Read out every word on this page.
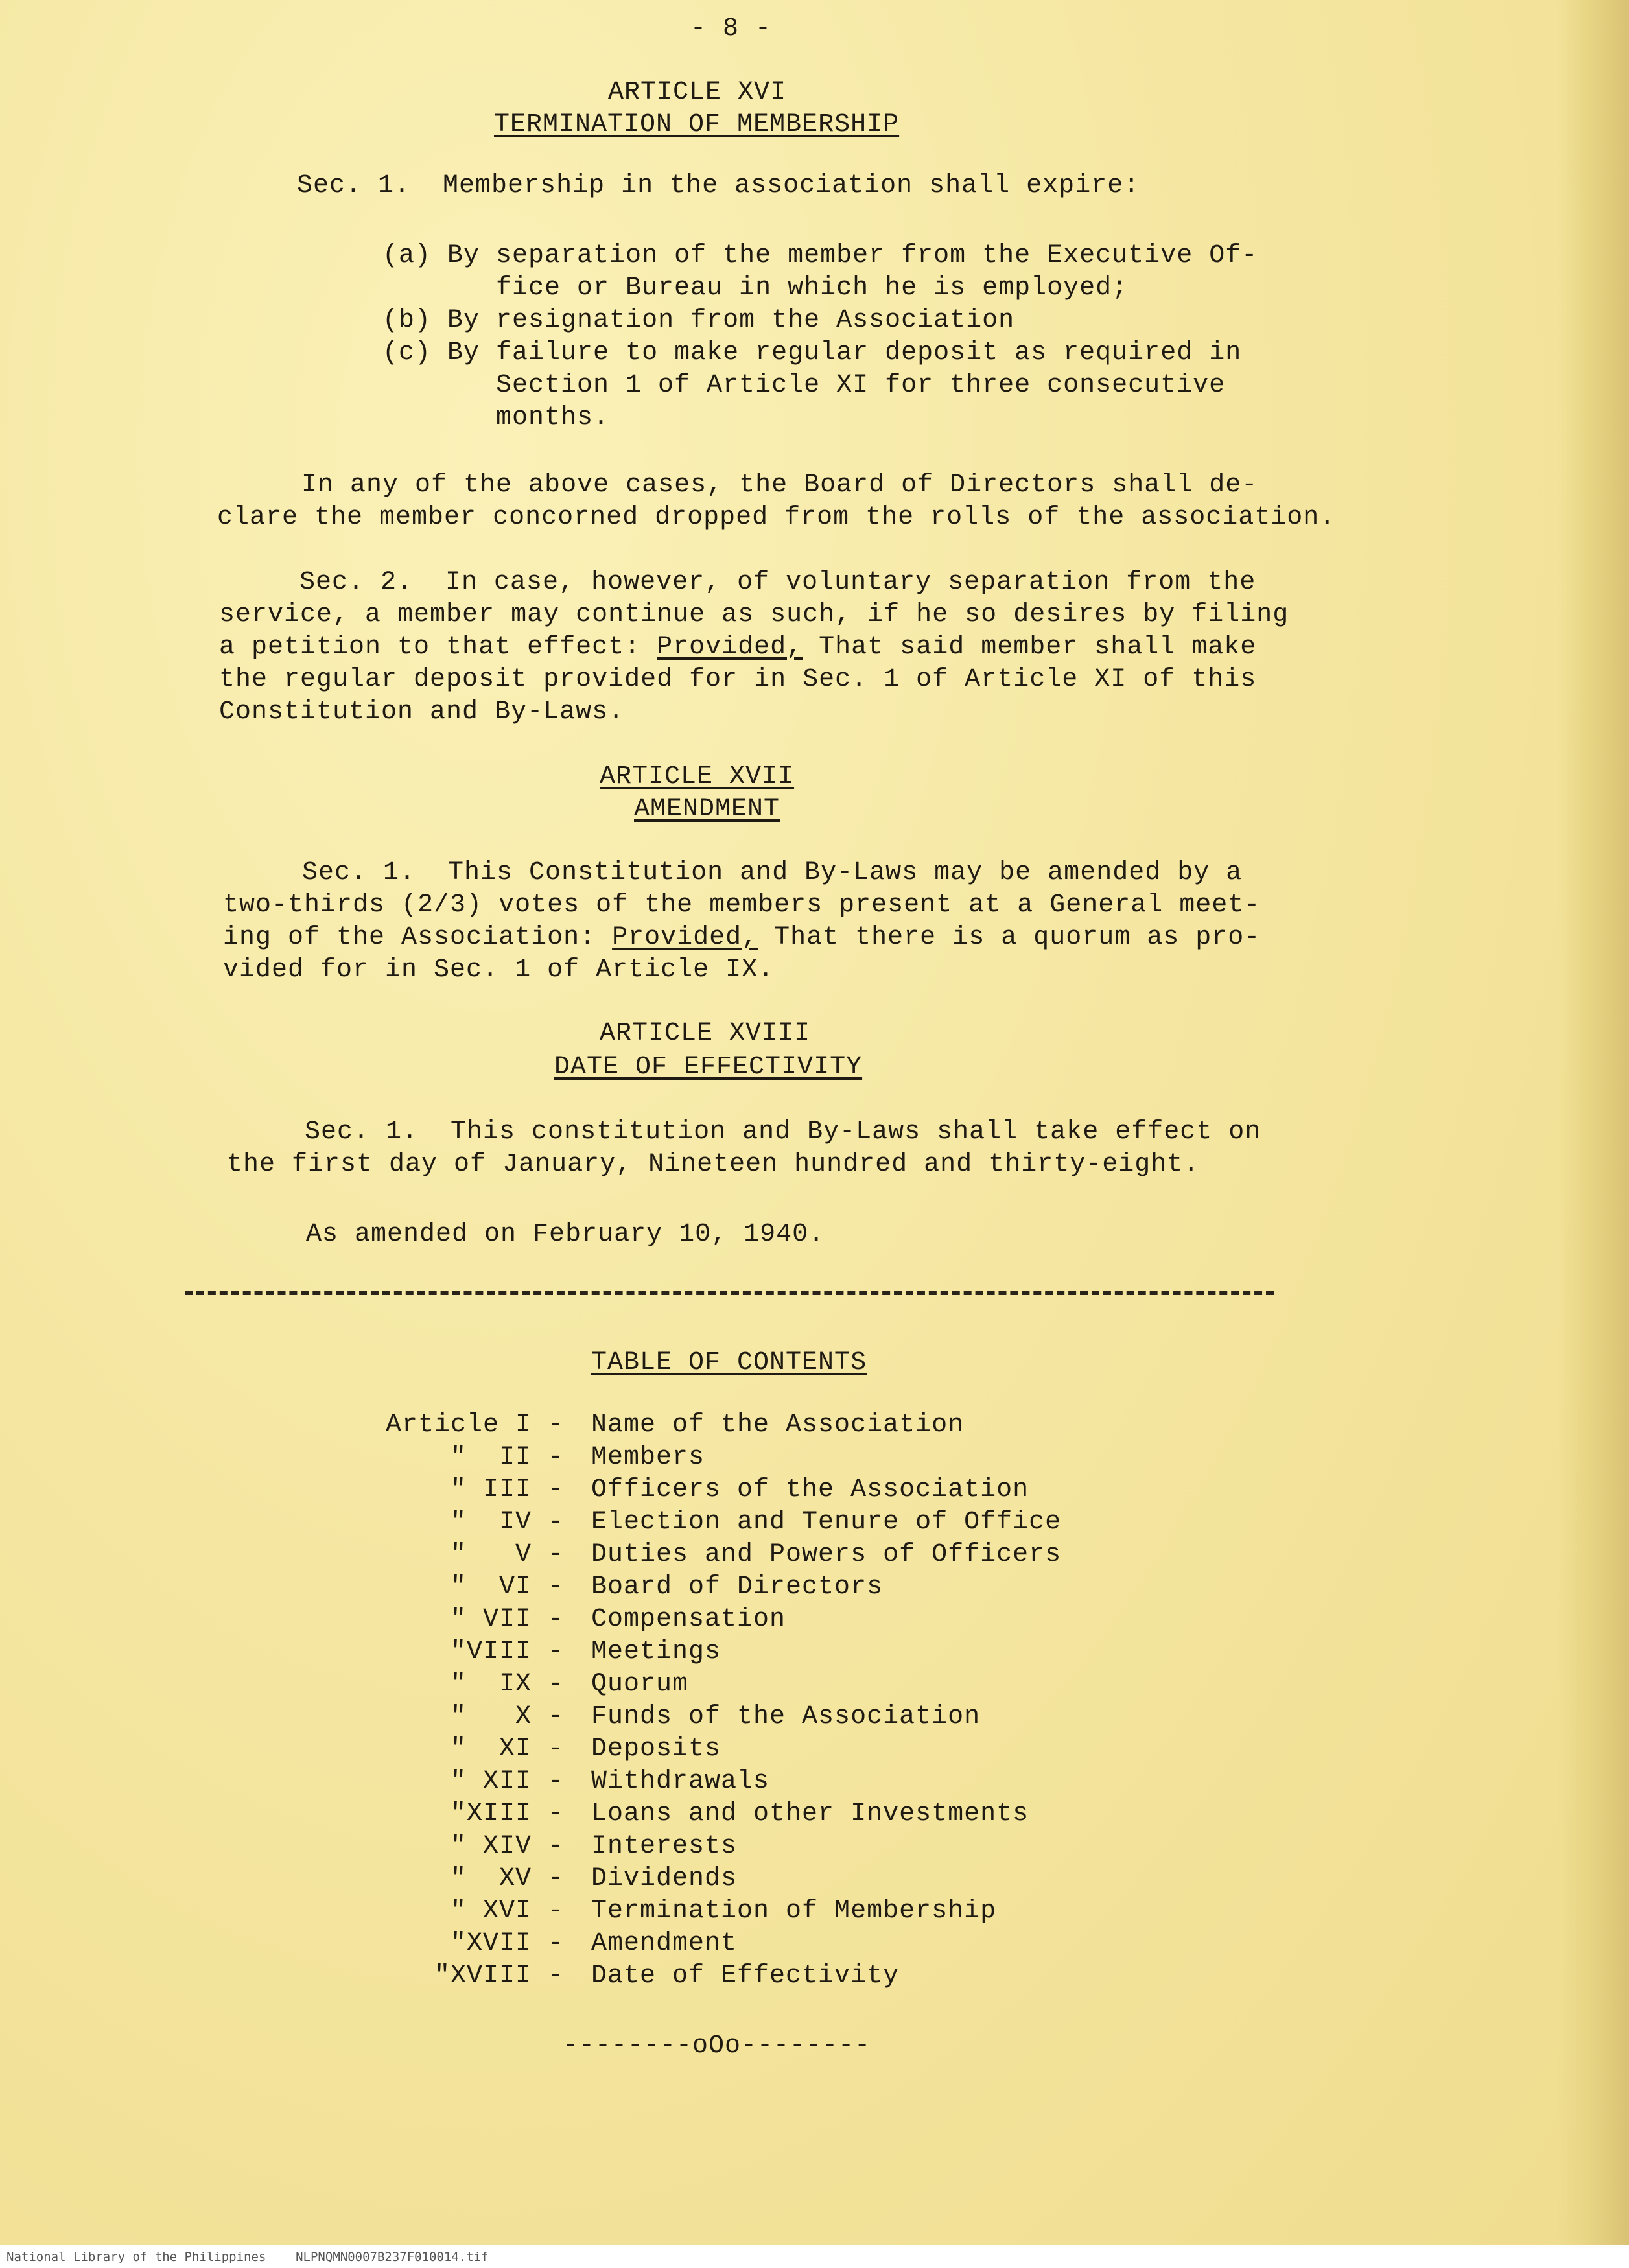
- 8 -
ARTICLE XVI
TERMINATION OF MEMBERSHIP
Sec. 1.  Membership in the association shall expire:
(a) By separation of the member from the Executive Of-
fice or Bureau in which he is employed;
(b) By resignation from the Association
(c) By failure to make regular deposit as required in
Section 1 of Article XI for three consecutive
months.
In any of the above cases, the Board of Directors shall de-
clare the member concorned dropped from the rolls of the association.
Sec. 2.  In case, however, of voluntary separation from the
service, a member may continue as such, if he so desires by filing
a petition to that effect: Provided, That said member shall make
the regular deposit provided for in Sec. 1 of Article XI of this
Constitution and By-Laws.
ARTICLE XVII
AMENDMENT
Sec. 1.  This Constitution and By-Laws may be amended by a
two-thirds (2/3) votes of the members present at a General meet-
ing of the Association: Provided, That there is a quorum as pro-
vided for in Sec. 1 of Article IX.
ARTICLE XVIII
DATE OF EFFECTIVITY
Sec. 1.  This constitution and By-Laws shall take effect on
the first day of January, Nineteen hundred and thirty-eight.
As amended on February 10, 1940.
TABLE OF CONTENTS
Article I - Name of the Association
"  II - Members
" III - Officers of the Association
"  IV - Election and Tenure of Office
"   V - Duties and Powers of Officers
"  VI - Board of Directors
" VII - Compensation
"VIII - Meetings
"  IX - Quorum
"   X - Funds of the Association
"  XI - Deposits
" XII - Withdrawals
"XIII - Loans and other Investments
" XIV - Interests
"  XV - Dividends
" XVI - Termination of Membership
"XVII - Amendment
"XVIII - Date of Effectivity
--------oOo--------
National Library of the Philippines    NLPNQMN0007B237F010014.tif
